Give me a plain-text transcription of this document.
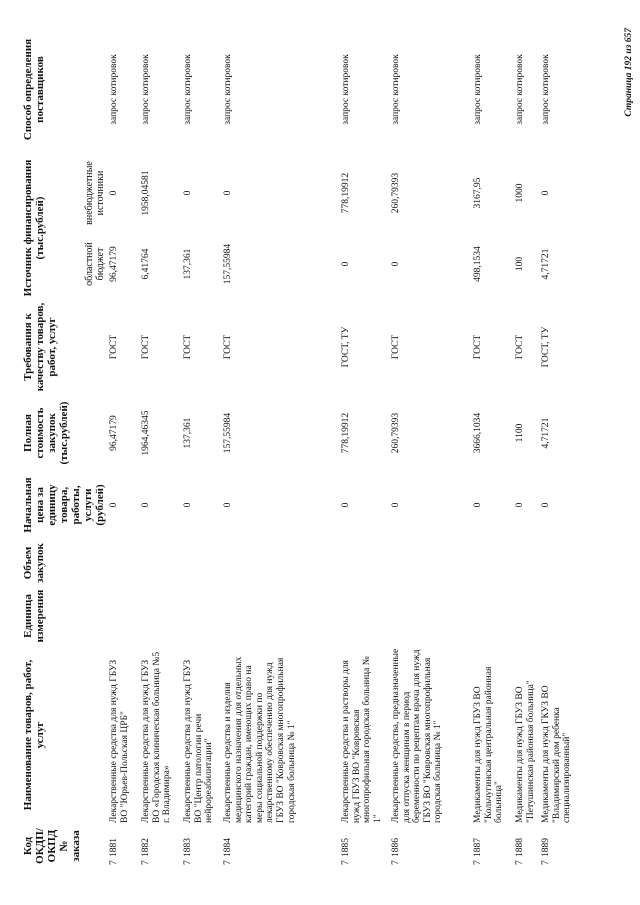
Код ОКДП/ ОКПД № заказа	Наименование товаров, работ, услуг	Единица измерения	Объем закупок	Начальная цена за единицу товара, работы, услуги (рублей)	Полная стоимость закупок (тыс.рублей)	Требования к качеству товаров, работ, услуг	Источник финансирования (тыс.рублей)		Способ определения поставщиков
							областной бюджет	внебюджетные источники	
71881	Лекарственные средства для нужд ГБУЗ ВО "Юрьев-Польская ЦРБ"			0	96,47179	ГОСТ	96,47179	0	запрос котировок
71882	Лекарственные средства для нужд ГБУЗ ВО «Городская клиническая больница №5 г. Владимира»			0	1964,46345	ГОСТ	6,41764	1958,04581	запрос котировок
71883	Лекарственные средства для нужд ГБУЗ ВО "Центр патологии речи нейрореабилитации"			0	137,361	ГОСТ	137,361	0	запрос котировок
71884	Лекарственные средства и изделия медицинского назначения для отдельных категорий граждан, имеющих право на меры социальной поддержки по лекарственному обеспечению для нужд ГБУЗ ВО "Ковровская многопрофильная городская больница № 1"			0	157,55984	ГОСТ	157,55984	0	запрос котировок
71885	Лекарственные средства и растворы для нужд ГБУЗ ВО "Ковровская многопрофильная городская больница № 1"			0	778,19912	ГОСТ, ТУ	0	778,19912	запрос котировок
71886	Лекарственные средства, предназначенные для отпуска женщинам в период беременности по рецептам врача для нужд ГБУЗ ВО "Ковровская многопрофильная городская больница № 1"			0	260,79393	ГОСТ	0	260,79393	запрос котировок
71887	Медикаменты для нужд ГБУЗ ВО "Кольчугинская центральная районная больница"			0	3666,1034	ГОСТ	498,1534	3167,95	запрос котировок
71888	Медикаменты для нужд ГБУЗ ВО "Петушинская районная больница"			0	1100	ГОСТ	100	1000	запрос котировок
71889	Медикаменты для нужд ГКУЗ ВО "Владимирский дом ребенка специализированный"			0	4,71721	ГОСТ, ТУ	4,71721	0	запрос котировок	Страница 192 из 657
